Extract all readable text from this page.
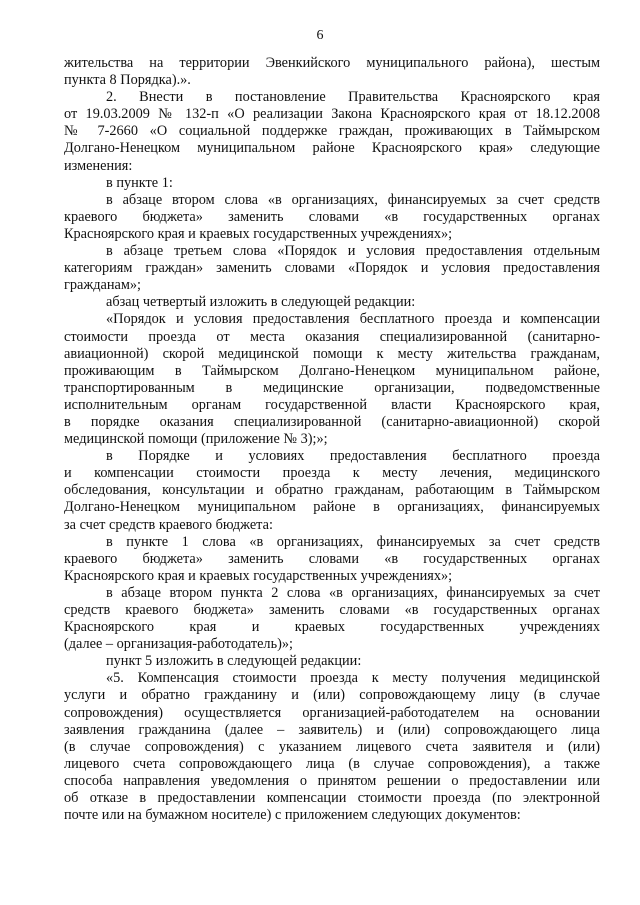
6

жительства на территории Эвенкийского муниципального района), шестым

пункта 8 Порядка).».

2. Внести в постановление Правительства Красноярского края

от 19.03.2009 № 132-п «О реализации Закона Красноярского края от 18.12.2008

№ 7-2660 «О социальной поддержке граждан, проживающих в Таймырском

Долгано-Ненецком муниципальном районе Красноярского края» следующие

изменения:

в пункте 1:

в абзаце втором слова «в организациях, финансируемых за счет средств

краевого бюджета» заменить словами «в государственных органах

Красноярского края и краевых государственных учреждениях»;

в абзаце третьем слова «Порядок и условия предоставления отдельным

категориям граждан» заменить словами «Порядок и условия предоставления

гражданам»;

абзац четвертый изложить в следующей редакции:

«Порядок и условия предоставления бесплатного проезда и компенсации

стоимости проезда от места оказания специализированной (санитарно-

авиационной) скорой медицинской помощи к месту жительства гражданам,

проживающим в Таймырском Долгано-Ненецком муниципальном районе,

транспортированным в медицинские организации, подведомственные

исполнительным органам государственной власти Красноярского края,

в порядке оказания специализированной (санитарно-авиационной) скорой

медицинской помощи (приложение № 3);»;

в Порядке и условиях предоставления бесплатного проезда

и компенсации стоимости проезда к месту лечения, медицинского

обследования, консультации и обратно гражданам, работающим в Таймырском

Долгано-Ненецком муниципальном районе в организациях, финансируемых

за счет средств краевого бюджета:

в пункте 1 слова «в организациях, финансируемых за счет средств

краевого бюджета» заменить словами «в государственных органах

Красноярского края и краевых государственных учреждениях»;

в абзаце втором пункта 2 слова «в организациях, финансируемых за счет

средств краевого бюджета» заменить словами «в государственных органах

Красноярского края и краевых государственных учреждениях

(далее – организация-работодатель)»;

пункт 5 изложить в следующей редакции:

«5. Компенсация стоимости проезда к месту получения медицинской

услуги и обратно гражданину и (или) сопровождающему лицу (в случае

сопровождения) осуществляется организацией-работодателем на основании

заявления гражданина (далее – заявитель) и (или) сопровождающего лица

(в случае сопровождения) с указанием лицевого счета заявителя и (или)

лицевого счета сопровождающего лица (в случае сопровождения), а также

способа направления уведомления о принятом решении о предоставлении или

об отказе в предоставлении компенсации стоимости проезда (по электронной

почте или на бумажном носителе) с приложением следующих документов:
